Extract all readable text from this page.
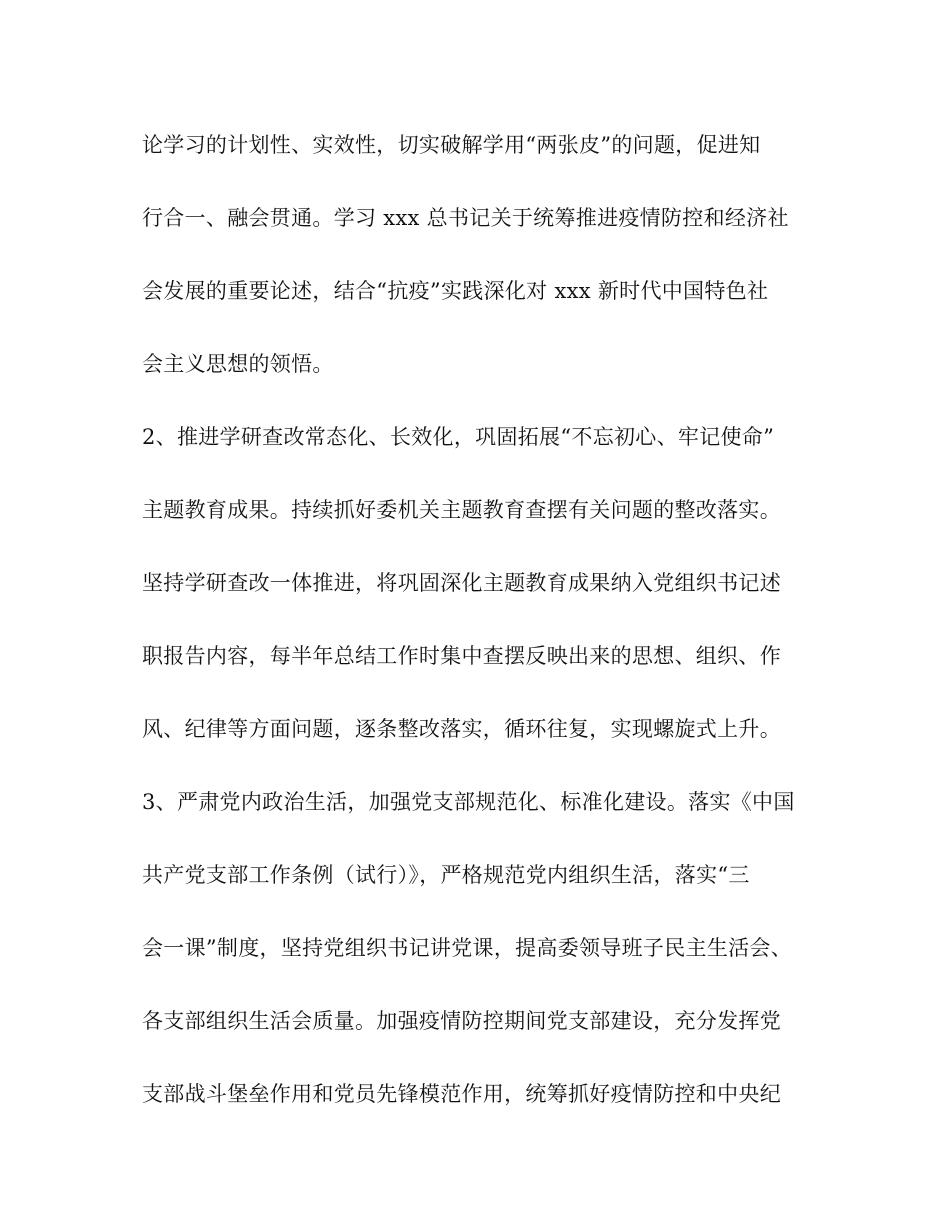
论学习的计划性、实效性，切实破解学用“两张皮”的问题，促进知
行合一、融会贯通。学习 xxx 总书记关于统筹推进疫情防控和经济社
会发展的重要论述，结合“抗疫”实践深化对 xxx 新时代中国特色社
会主义思想的领悟。
2、推进学研查改常态化、长效化，巩固拓展“不忘初心、牢记使命”
主题教育成果。持续抓好委机关主题教育查摆有关问题的整改落实。
坚持学研查改一体推进，将巩固深化主题教育成果纳入党组织书记述
职报告内容，每半年总结工作时集中查摆反映出来的思想、组织、作
风、纪律等方面问题，逐条整改落实，循环往复，实现螺旋式上升。
3、严肃党内政治生活，加强党支部规范化、标准化建设。落实《中国
共产党支部工作条例（试行）》，严格规范党内组织生活，落实“三
会一课”制度，坚持党组织书记讲党课，提高委领导班子民主生活会、
各支部组织生活会质量。加强疫情防控期间党支部建设，充分发挥党
支部战斗堡垒作用和党员先锋模范作用，统筹抓好疫情防控和中央纪
